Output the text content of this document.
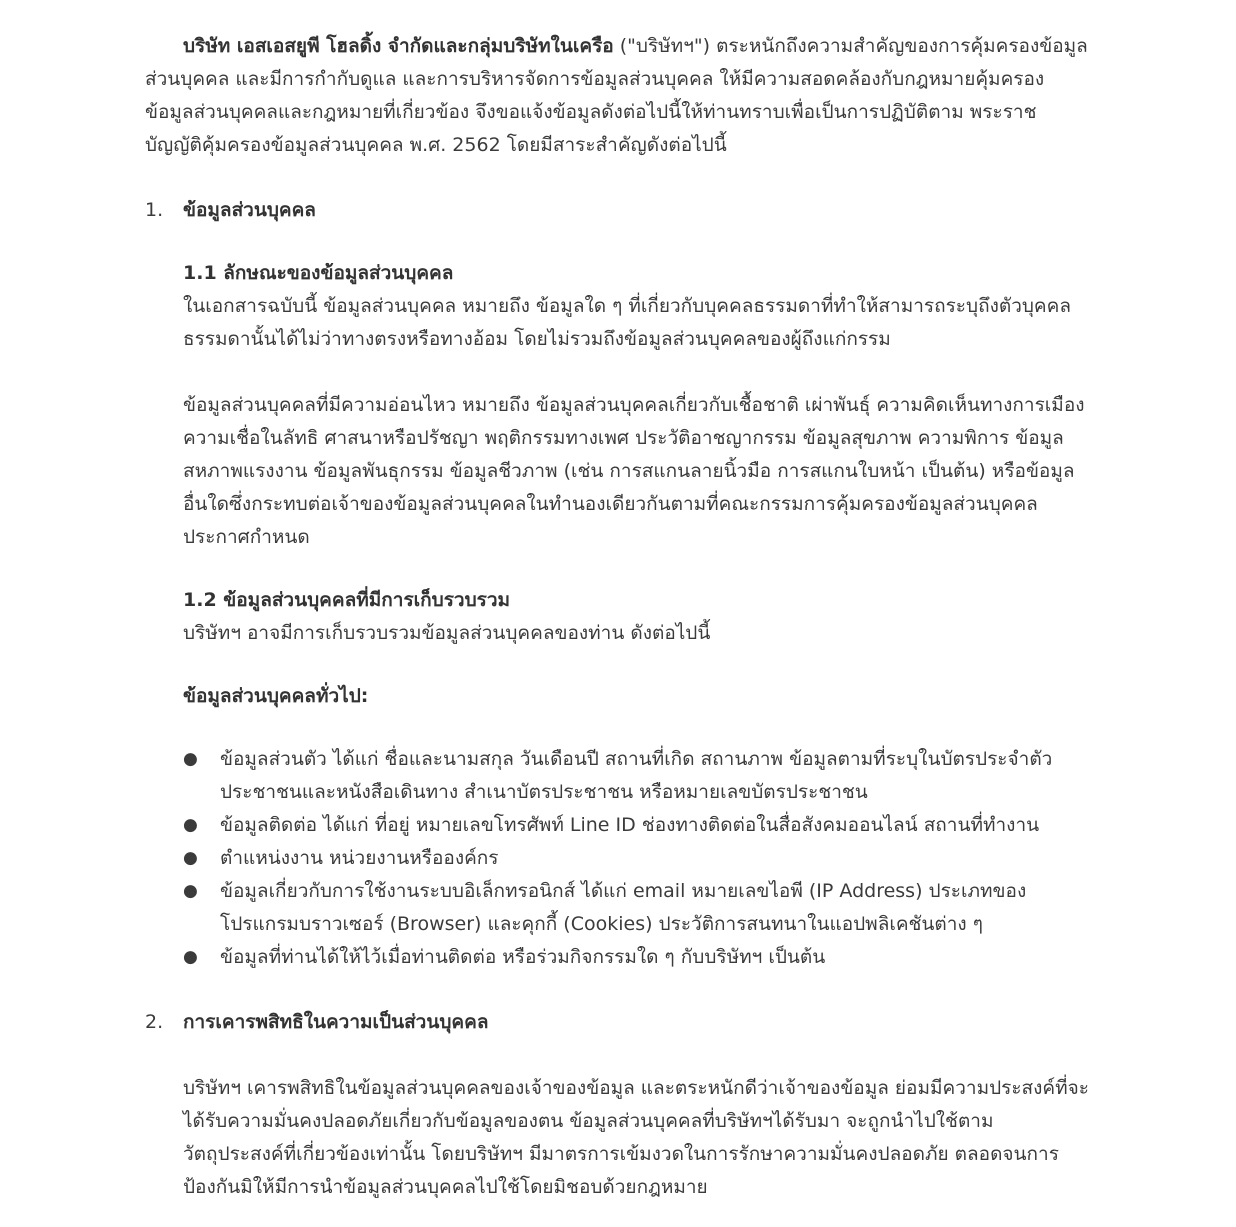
บริษัท เอสเอสยูพี โฮลดิ้ง จำกัดและกลุ่มบริษัทในเครือ ("บริษัทฯ") ตระหนักถึงความสำคัญของการคุ้มครองข้อมูลส่วนบุคคล และมีการกำกับดูแล และการบริหารจัดการข้อมูลส่วนบุคคล ให้มีความสอดคล้องกับกฎหมายคุ้มครองข้อมูลส่วนบุคคลและกฎหมายที่เกี่ยวข้อง จึงขอแจ้งข้อมูลดังต่อไปนี้ให้ท่านทราบเพื่อเป็นการปฏิบัติตาม พระราชบัญญัติคุ้มครองข้อมูลส่วนบุคคล พ.ศ. 2562 โดยมีสาระสำคัญดังต่อไปนี้

1.	ข้อมูลส่วนบุคคล

1.1 ลักษณะของข้อมูลส่วนบุคคล

ในเอกสารฉบับนี้ ข้อมูลส่วนบุคคล หมายถึง ข้อมูลใด ๆ ที่เกี่ยวกับบุคคลธรรมดาที่ทำให้สามารถระบุถึงตัวบุคคลธรรมดานั้นได้ไม่ว่าทางตรงหรือทางอ้อม โดยไม่รวมถึงข้อมูลส่วนบุคคลของผู้ถึงแก่กรรม

ข้อมูลส่วนบุคคลที่มีความอ่อนไหว หมายถึง ข้อมูลส่วนบุคคลเกี่ยวกับเชื้อชาติ เผ่าพันธุ์ ความคิดเห็นทางการเมือง ความเชื่อในลัทธิ ศาสนาหรือปรัชญา พฤติกรรมทางเพศ ประวัติอาชญากรรม ข้อมูลสุขภาพ ความพิการ ข้อมูลสหภาพแรงงาน ข้อมูลพันธุกรรม ข้อมูลชีวภาพ (เช่น การสแกนลายนิ้วมือ การสแกนใบหน้า เป็นต้น) หรือข้อมูลอื่นใดซึ่งกระทบต่อเจ้าของข้อมูลส่วนบุคคลในทำนองเดียวกันตามที่คณะกรรมการคุ้มครองข้อมูลส่วนบุคคลประกาศกำหนด

1.2 ข้อมูลส่วนบุคคลที่มีการเก็บรวบรวม

บริษัทฯ อาจมีการเก็บรวบรวมข้อมูลส่วนบุคคลของท่าน ดังต่อไปนี้

ข้อมูลส่วนบุคคลทั่วไป:

●	ข้อมูลส่วนตัว ได้แก่ ชื่อและนามสกุล วันเดือนปี สถานที่เกิด สถานภาพ ข้อมูลตามที่ระบุในบัตรประจำตัวประชาชนและหนังสือเดินทาง สำเนาบัตรประชาชน หรือหมายเลขบัตรประชาชน
●	ข้อมูลติดต่อ ได้แก่ ที่อยู่ หมายเลขโทรศัพท์ Line ID ช่องทางติดต่อในสื่อสังคมออนไลน์ สถานที่ทำงาน
●	ตำแหน่งงาน หน่วยงานหรือองค์กร
●	ข้อมูลเกี่ยวกับการใช้งานระบบอิเล็กทรอนิกส์ ได้แก่ email หมายเลขไอพี (IP Address) ประเภทของโปรแกรมบราวเซอร์ (Browser) และคุกกี้ (Cookies) ประวัติการสนทนาในแอปพลิเคชันต่าง ๆ
●	ข้อมูลที่ท่านได้ให้ไว้เมื่อท่านติดต่อ หรือร่วมกิจกรรมใด ๆ กับบริษัทฯ เป็นต้น
2.	การเคารพสิทธิในความเป็นส่วนบุคคล

บริษัทฯ เคารพสิทธิในข้อมูลส่วนบุคคลของเจ้าของข้อมูล และตระหนักดีว่าเจ้าของข้อมูล ย่อมมีความประสงค์ที่จะได้รับความมั่นคงปลอดภัยเกี่ยวกับข้อมูลของตน ข้อมูลส่วนบุคคลที่บริษัทฯได้รับมา จะถูกนำไปใช้ตามวัตถุประสงค์ที่เกี่ยวข้องเท่านั้น โดยบริษัทฯ มีมาตรการเข้มงวดในการรักษาความมั่นคงปลอดภัย ตลอดจนการป้องกันมิให้มีการนำข้อมูลส่วนบุคคลไปใช้โดยมิชอบด้วยกฎหมาย
